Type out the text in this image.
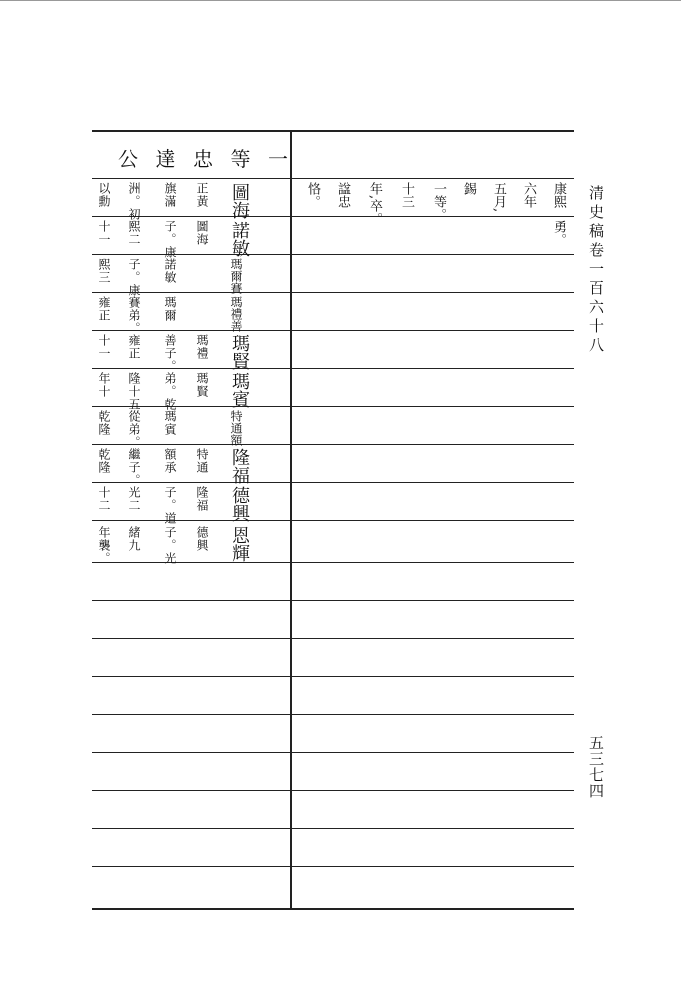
公 達 忠 等 一
圖海
正黃
旗滿
洲。初
以勳
諾敏
圖海
子。康
熙二
十一
瑪爾賽
諾敏
子。康
熙三
瑪禮善
瑪爾
賽弟。
雍正
瑪賢
瑪禮
善子。
雍正
十一
瑪賓
瑪賢
弟。乾
隆十五
年十
特通額
瑪賓
從弟。
乾隆
隆福
特通
額承
繼子。
乾隆
德興
隆福
子。道
光二
十二
恩輝
德興
子。光
緒九
年襲。
康熙
六年
五月,
錫
一等。
十三
年,卒。
諡忠
恪。
勇。 清史稿卷一百六十八
五三七四
